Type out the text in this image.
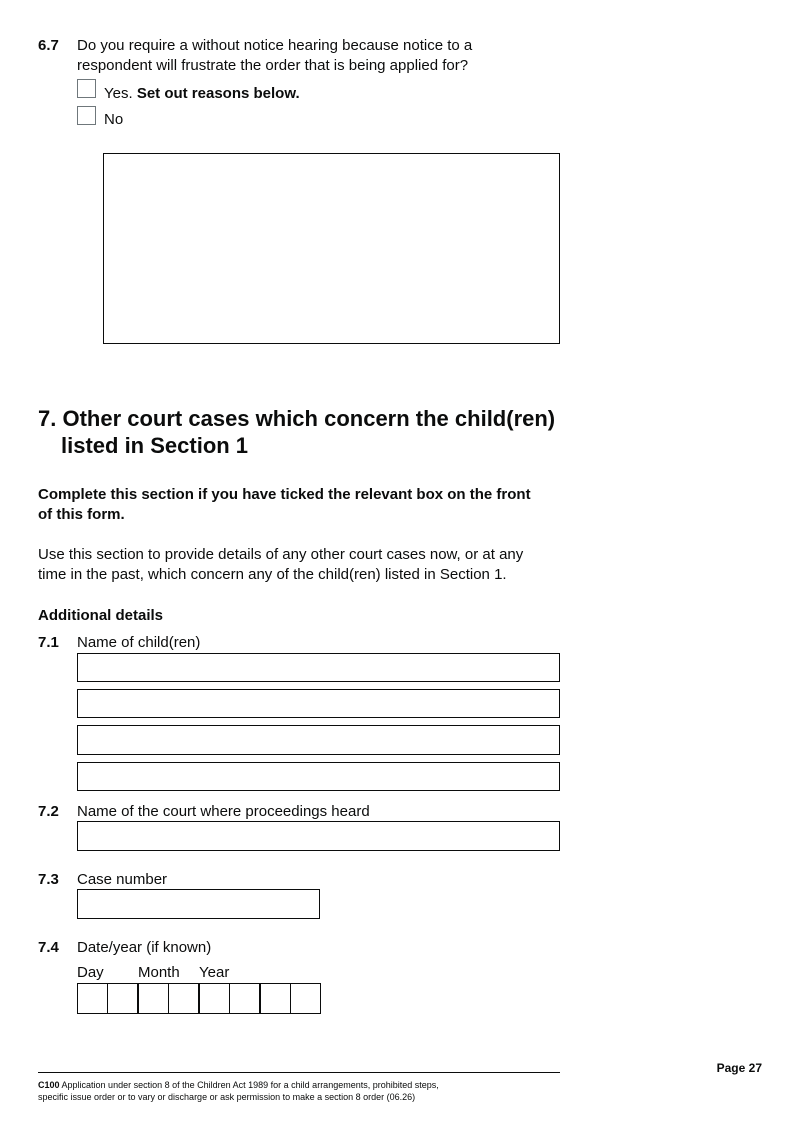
6.7 Do you require a without notice hearing because notice to a
respondent will frustrate the order that is being applied for?
Yes. Set out reasons below.
No
7. Other court cases which concern the child(ren)
listed in Section 1
Complete this section if you have ticked the relevant box on the front
of this form.
Use this section to provide details of any other court cases now, or at any
time in the past, which concern any of the child(ren) listed in Section 1.
Additional details
7.1 Name of child(ren)
7.2 Name of the court where proceedings heard
7.3 Case number
7.4 Date/year (if known)
Day Month Year
Page 27
C100 Application under section 8 of the Children Act 1989 for a child arrangements, prohibited steps,
specific issue order or to vary or discharge or ask permission to make a section 8 order (06.26)
